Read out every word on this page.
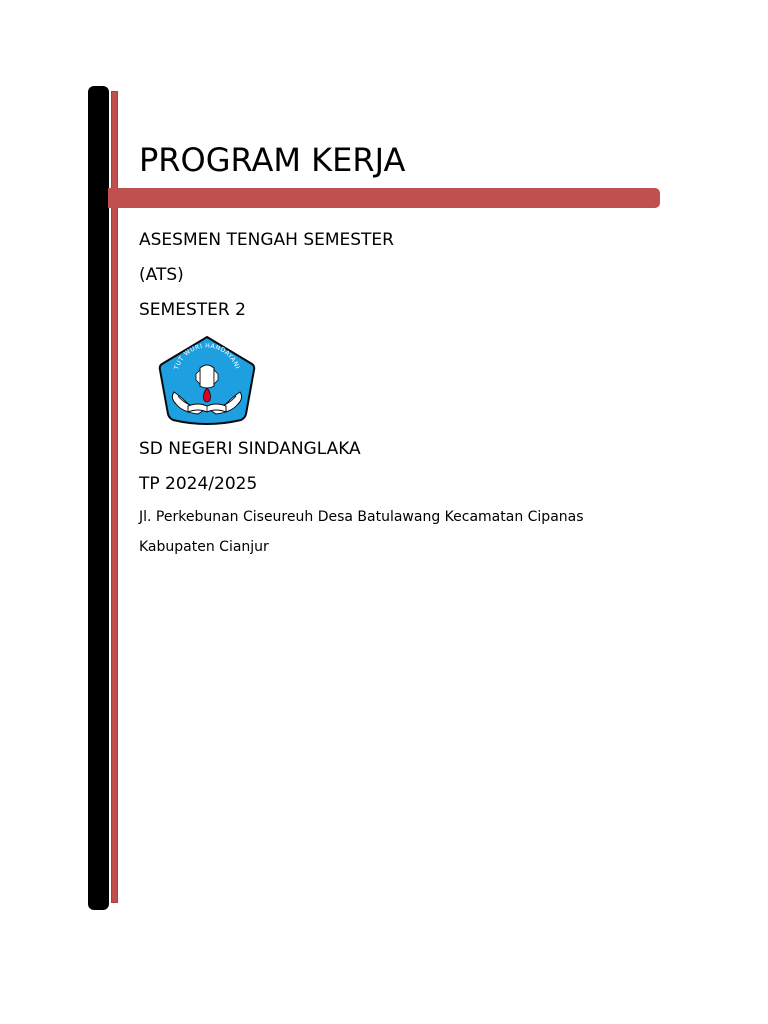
PROGRAM KERJA

ASESMEN TENGAH SEMESTER

(ATS)

SEMESTER 2

TUT WURI HANDAYANI

SD NEGERI SINDANGLAKA

TP 2024/2025

Jl. Perkebunan Ciseureuh Desa Batulawang Kecamatan Cipanas

Kabupaten Cianjur
